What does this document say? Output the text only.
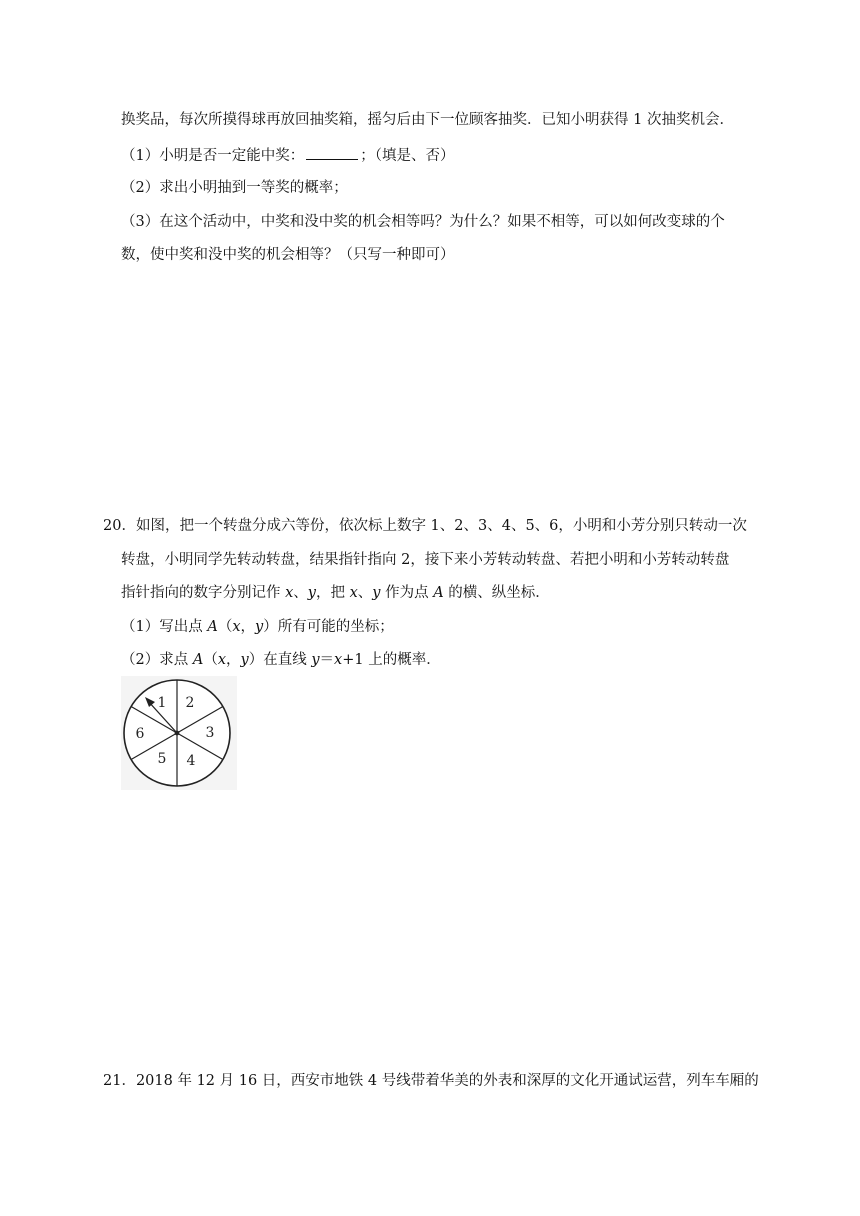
换奖品，每次所摸得球再放回抽奖箱，摇匀后由下一位顾客抽奖．已知小明获得 1 次抽奖机会．
（1）小明是否一定能中奖：	；（填是、否）
（2）求出小明抽到一等奖的概率；
（3）在这个活动中，中奖和没中奖的机会相等吗？为什么？如果不相等，可以如何改变球的个
数，使中奖和没中奖的机会相等？（只写一种即可）
20．如图，把一个转盘分成六等份，依次标上数字 1、2、3、4、5、6，小明和小芳分别只转动一次
转盘，小明同学先转动转盘，结果指针指向 2，接下来小芳转动转盘、若把小明和小芳转动转盘
指针指向的数字分别记作 x、y，把 x、y 作为点 A 的横、纵坐标．
（1）写出点 A（x，y）所有可能的坐标；
（2）求点 A（x，y）在直线 y＝x+1 上的概率．
1 2
3
4
5
6
21．2018 年 12 月 16 日，西安市地铁 4 号线带着华美的外表和深厚的文化开通试运营，列车车厢的
